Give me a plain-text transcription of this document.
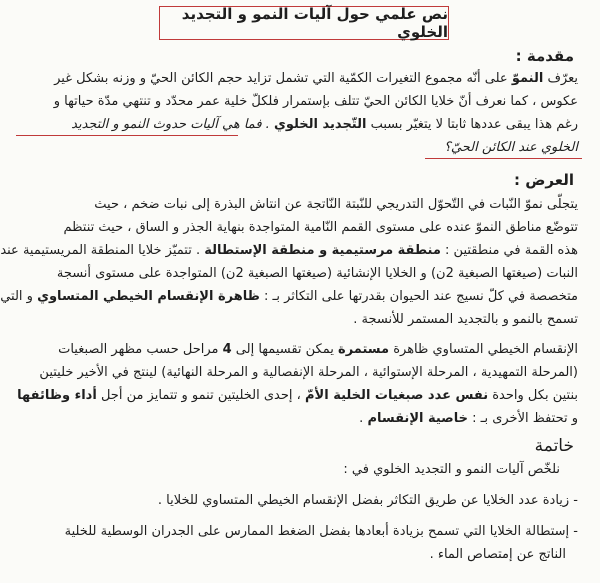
نص علمي حول آليات النمو و التجديد الخلوي
مقدمة :
يعرّف النموّ على أنّه مجموع التغيرات الكمّية التي تشمل تزايد حجم الكائن الحيّ و وزنه بشكل غير
عكوس ، كما نعرف أنّ خلايا الكائن الحيّ تتلف بإستمرار فلكلّ خلية عمر محدّد و تنتهي مدّة حياتها و
رغم هذا يبقى عددها ثابتا لا يتغيّر بسبب التّجديد الخلوي . فما هي آليات حدوث النمو و التجديد
الخلوي عند الكائن الحيّ؟
العرض :
يتجلّى نموّ النّبات في التّحوّل التدريجي للنّبتة النّاتجة عن انتاش البذرة إلى نبات ضخم ، حيث
تتوضّع مناطق النموّ عنده على مستوى القمم النّامية المتواجدة بنهاية الجذر و الساق ، حيث تنتظم
هذه القمة في منطقتين : منطقة مرستيمية و منطقة الإستطالة . تتميّز خلايا المنطقة المريستيمية عند
النبات (صيغتها الصبغية 2ن) و الخلايا الإنشائية (صيغتها الصبغية 2ن) المتواجدة على مستوى أنسجة
متخصصة في كلّ نسيج عند الحيوان بقدرتها على التكاثر بـ : ظاهرة الإنقسام الخيطي المتساوي و التي
تسمح بالنمو و بالتجديد المستمر للأنسجة .
الإنقسام الخيطي المتساوي ظاهرة مستمرة يمكن تقسيمها إلى 4 مراحل حسب مظهر الصبغيات
(المرحلة التمهيدية ، المرحلة الإستوائية ، المرحلة الإنفصالية و المرحلة النهائية) لينتج في الأخير خليتين
بنتين بكل واحدة نفس عدد صبغيات الخلية الأمّ ، إحدى الخليتين تنمو و تتمايز من أجل أداء وظائفها
و تحتفظ الأخرى بـ : خاصية الإنقسام .
خاتمة
نلخّص آليات النمو و التجديد الخلوي في :
- زيادة عدد الخلايا عن طريق التكاثر بفضل الإنقسام الخيطي المتساوي للخلايا .
- إستطالة الخلايا التي تسمح بزيادة أبعادها بفضل الضغط الممارس على الجدران الوسطية للخلية
الناتج عن إمتصاص الماء .
